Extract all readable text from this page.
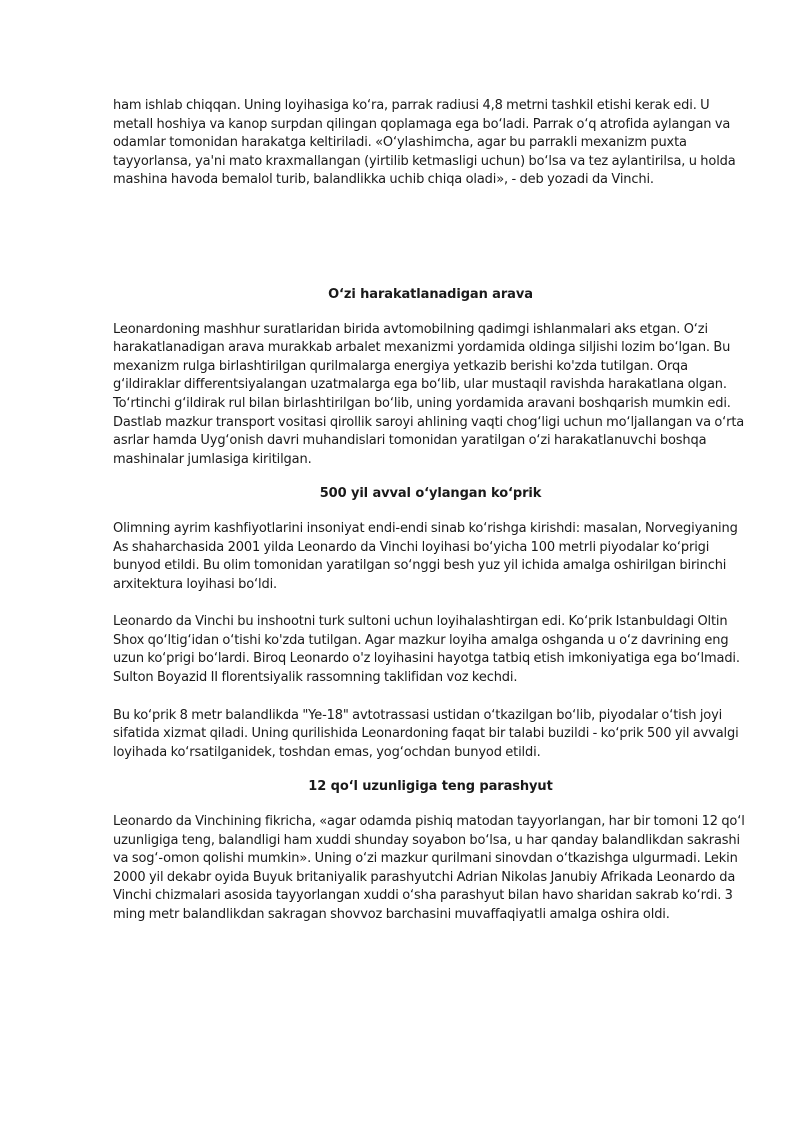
ham ishlab chiqqan. Uning loyihasiga ko‘ra, parrak radiusi 4,8 metrni tashkil etishi kerak edi. U metall hoshiya va kanop surpdan qilingan qoplamaga ega bo‘ladi. Parrak o‘q atrofida aylangan va odamlar tomonidan harakatga keltiriladi. «O‘ylashimcha, agar bu parrakli mexanizm puxta tayyorlansa, ya'ni mato kraxmallangan (yirtilib ketmasligi uchun) bo‘lsa va tez aylantirilsa, u holda mashina havoda bemalol turib, balandlikka uchib chiqa oladi», - deb yozadi da Vinchi.

O‘zi harakatlanadigan arava

Leonardoning mashhur suratlaridan birida avtomobilning qadimgi ishlanmalari aks etgan. O‘zi harakatlanadigan arava murakkab arbalet mexanizmi yordamida oldinga siljishi lozim bo‘lgan. Bu mexanizm rulga birlashtirilgan qurilmalarga energiya yetkazib berishi ko'zda tutilgan. Orqa g‘ildiraklar differentsiyalangan uzatmalarga ega bo‘lib, ular mustaqil ravishda harakatlana olgan. To‘rtinchi g‘ildirak rul bilan birlashtirilgan bo‘lib, uning yordamida aravani boshqarish mumkin edi. Dastlab mazkur transport vositasi qirollik saroyi ahlining vaqti chog‘ligi uchun mo‘ljallangan va o‘rta asrlar hamda Uyg‘onish davri muhandislari tomonidan yaratilgan o‘zi harakatlanuvchi boshqa mashinalar jumlasiga kiritilgan.

500 yil avval o‘ylangan ko‘prik

Olimning ayrim kashfiyotlarini insoniyat endi-endi sinab ko‘rishga kirishdi: masalan, Norvegiyaning As shaharchasida 2001 yilda Leonardo da Vinchi loyihasi bo‘yicha 100 metrli piyodalar ko‘prigi bunyod etildi. Bu olim tomonidan yaratilgan so‘nggi besh yuz yil ichida amalga oshirilgan birinchi arxitektura loyihasi bo‘ldi.

Leonardo da Vinchi bu inshootni turk sultoni uchun loyihalashtirgan edi. Ko‘prik Istanbuldagi Oltin Shox qo‘ltig‘idan o‘tishi ko'zda tutilgan. Agar mazkur loyiha amalga oshganda u o‘z davrining eng uzun ko‘prigi bo‘lardi. Biroq Leonardo o'z loyihasini hayotga tatbiq etish imkoniyatiga ega bo‘lmadi. Sulton Boyazid II florentsiyalik rassomning taklifidan voz kechdi.

Bu ko‘prik 8 metr balandlikda "Ye-18" avtotrassasi ustidan o‘tkazilgan bo‘lib, piyodalar o‘tish joyi sifatida xizmat qiladi. Uning qurilishida Leonardoning faqat bir talabi buzildi - ko‘prik 500 yil avvalgi loyihada ko‘rsatilganidek, toshdan emas, yog‘ochdan bunyod etildi.

12 qo‘l uzunligiga teng parashyut

Leonardo da Vinchining fikricha, «agar odamda pishiq matodan tayyorlangan, har bir tomoni 12 qo‘l uzunligiga teng, balandligi ham xuddi shunday soyabon bo‘lsa, u har qanday balandlikdan sakrashi va sog‘-omon qolishi mumkin». Uning o‘zi mazkur qurilmani sinovdan o‘tkazishga ulgurmadi. Lekin 2000 yil dekabr oyida Buyuk britaniyalik parashyutchi Adrian Nikolas Janubiy Afrikada Leonardo da Vinchi chizmalari asosida tayyorlangan xuddi o‘sha parashyut bilan havo sharidan sakrab ko‘rdi. 3 ming metr balandlikdan sakragan shovvoz barchasini muvaffaqiyatli amalga oshira oldi.
